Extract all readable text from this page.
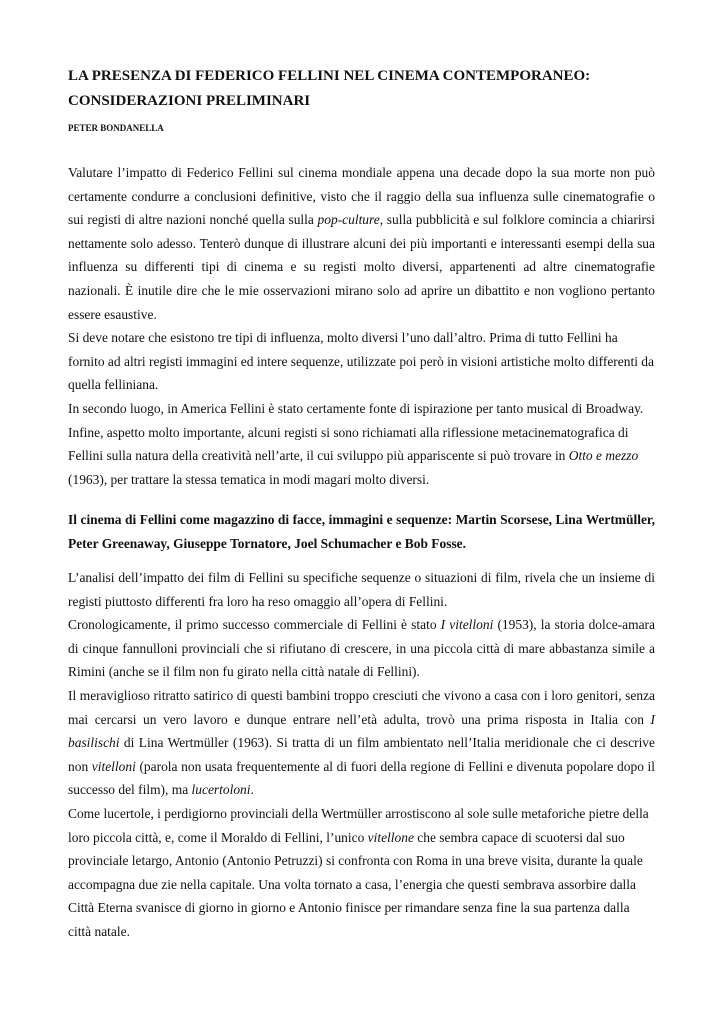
LA PRESENZA DI FEDERICO FELLINI NEL CINEMA CONTEMPORANEO: CONSIDERAZIONI PRELIMINARI
PETER BONDANELLA

Valutare l’impatto di Federico Fellini sul cinema mondiale appena una decade dopo la sua morte non può certamente condurre a conclusioni definitive, visto che il raggio della sua influenza sulle cinematografie o sui registi di altre nazioni nonché quella sulla pop-culture, sulla pubblicità e sul folklore comincia a chiarirsi nettamente solo adesso. Tenterò dunque di illustrare alcuni dei più importanti e interessanti esempi della sua influenza su differenti tipi di cinema e su registi molto diversi, appartenenti ad altre cinematografie nazionali. È inutile dire che le mie osservazioni mirano solo ad aprire un dibattito e non vogliono pertanto essere esaustive.

Si deve notare che esistono tre tipi di influenza, molto diversi l’uno dall’altro. Prima di tutto Fellini ha fornito ad altri registi immagini ed intere sequenze, utilizzate poi però in visioni artistiche molto differenti da quella felliniana.

In secondo luogo, in America Fellini è stato certamente fonte di ispirazione per tanto musical di Broadway.

Infine, aspetto molto importante, alcuni registi si sono richiamati alla riflessione metacinematografica di Fellini sulla natura della creatività nell’arte, il cui sviluppo più appariscente si può trovare in Otto e mezzo (1963), per trattare la stessa tematica in modi magari molto diversi.

Il cinema di Fellini come magazzino di facce, immagini e sequenze: Martin Scorsese, Lina Wertmüller, Peter Greenaway, Giuseppe Tornatore, Joel Schumacher e Bob Fosse.

L’analisi dell’impatto dei film di Fellini su specifiche sequenze o situazioni di film, rivela che un insieme di registi piuttosto differenti fra loro ha reso omaggio all’opera di Fellini.

Cronologicamente, il primo successo commerciale di Fellini è stato I vitelloni (1953), la storia dolce-amara di cinque fannulloni provinciali che si rifiutano di crescere, in una piccola città di mare abbastanza simile a Rimini (anche se il film non fu girato nella città natale di Fellini).

Il meraviglioso ritratto satirico di questi bambini troppo cresciuti che vivono a casa con i loro genitori, senza mai cercarsi un vero lavoro e dunque entrare nell’età adulta, trovò una prima risposta in Italia con I basilischi di Lina Wertmüller (1963). Si tratta di un film ambientato nell’Italia meridionale che ci descrive non vitelloni (parola non usata frequentemente al di fuori della regione di Fellini e divenuta popolare dopo il successo del film), ma lucertoloni.

Come lucertole, i perdigiorno provinciali della Wertmüller arrostiscono al sole sulle metaforiche pietre della loro piccola città, e, come il Moraldo di Fellini, l’unico vitellone che sembra capace di scuotersi dal suo provinciale letargo, Antonio (Antonio Petruzzi) si confronta con Roma in una breve visita, durante la quale accompagna due zie nella capitale. Una volta tornato a casa, l’energia che questi sembrava assorbire dalla Città Eterna svanisce di giorno in giorno e Antonio finisce per rimandare senza fine la sua partenza dalla città natale.
